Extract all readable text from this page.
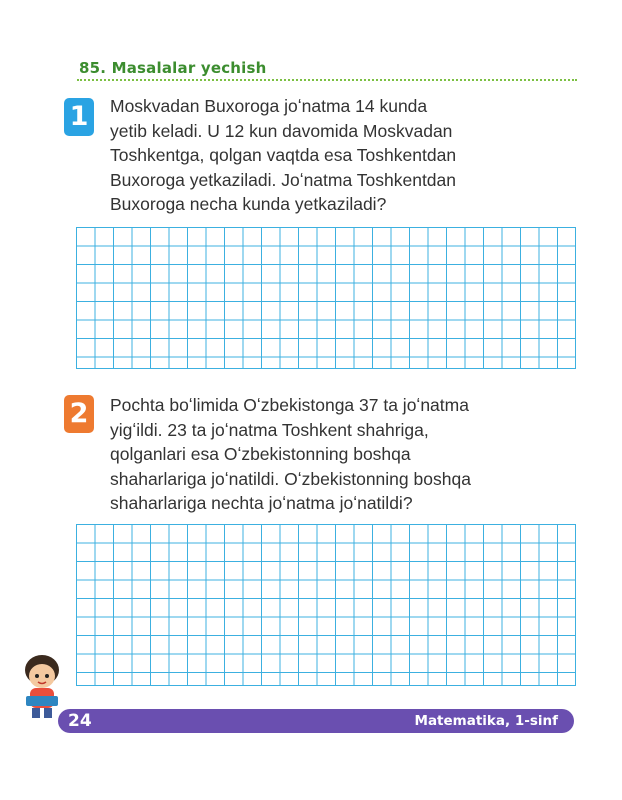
85. Masalalar yechish
1	Moskvadan Buxoroga joʻnatma 14 kunda

yetib keladi. U 12 kun davomida Moskvadan

Toshkentga, qolgan vaqtda esa Toshkentdan

Buxoroga yetkaziladi. Joʻnatma Toshkentdan

Buxoroga necha kunda yetkaziladi?

2	Pochta boʻlimida Oʻzbekistonga 37 ta joʻnatma

yigʻildi. 23 ta joʻnatma Toshkent shahriga,

qolganlari esa Oʻzbekistonning boshqa

shaharlariga joʻnatildi. Oʻzbekistonning boshqa

shaharlariga nechta joʻnatma joʻnatildi?

24	Matematika, 1-sinf
